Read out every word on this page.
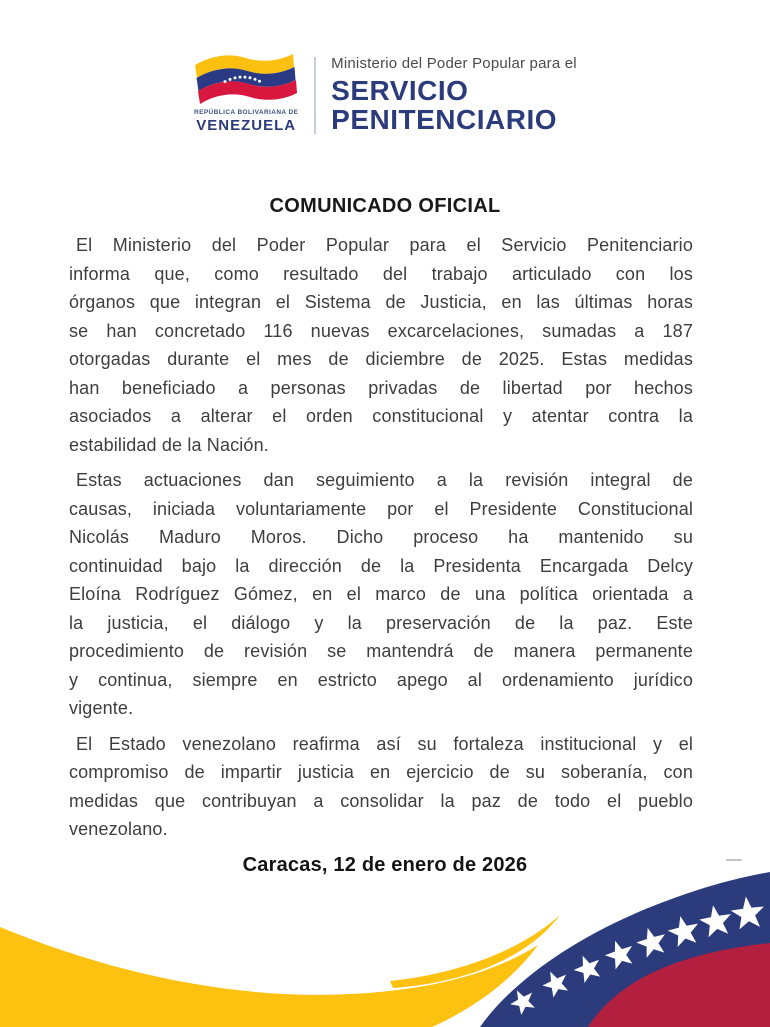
REPÚBLICA BOLIVARIANA DE
VENEZUELA
Ministerio del Poder Popular para el
SERVICIO
PENITENCIARIO
COMUNICADO OFICIAL
El Ministerio del Poder Popular para el Servicio Penitenciario
informa que, como resultado del trabajo articulado con los
órganos que integran el Sistema de Justicia, en las últimas horas
se han concretado 116 nuevas excarcelaciones, sumadas a 187
otorgadas durante el mes de diciembre de 2025. Estas medidas
han beneficiado a personas privadas de libertad por hechos
asociados a alterar el orden constitucional y atentar contra la
estabilidad de la Nación.
Estas actuaciones dan seguimiento a la revisión integral de
causas, iniciada voluntariamente por el Presidente Constitucional
Nicolás Maduro Moros. Dicho proceso ha mantenido su
continuidad bajo la dirección de la Presidenta Encargada Delcy
Eloína Rodríguez Gómez, en el marco de una política orientada a
la justicia, el diálogo y la preservación de la paz. Este
procedimiento de revisión se mantendrá de manera permanente
y continua, siempre en estricto apego al ordenamiento jurídico
vigente.
El Estado venezolano reafirma así su fortaleza institucional y el
compromiso de impartir justicia en ejercicio de su soberanía, con
medidas que contribuyan a consolidar la paz de todo el pueblo
venezolano.
Caracas, 12 de enero de 2026
